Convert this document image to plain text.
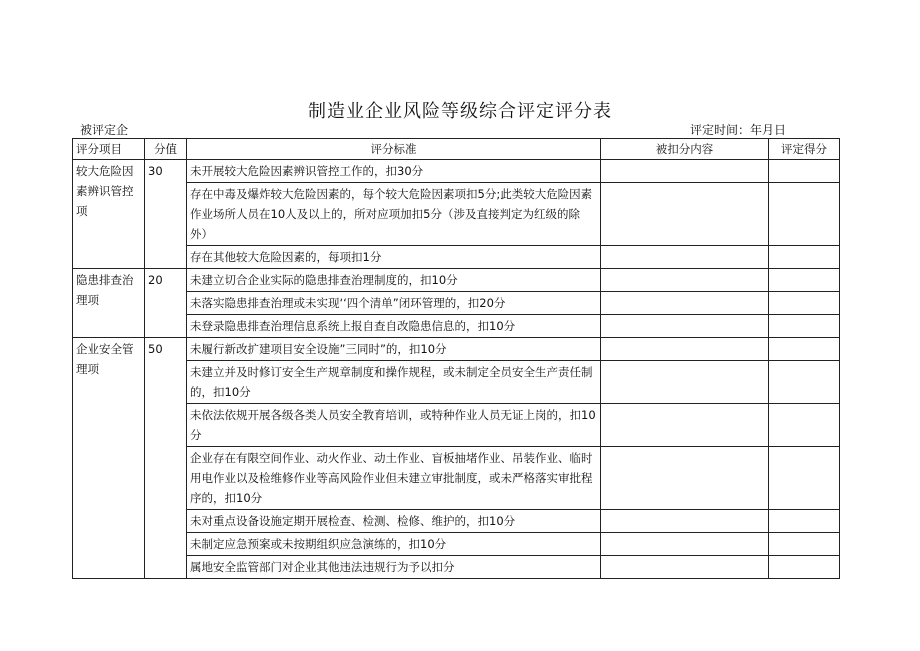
制造业企业风险等级综合评定评分表
被评定企	评定时间：年月日
评分项目	分值	评分标准	被扣分内容	评定得分
较大危险因素辨识管控项	30	未开展较大危险因素辨识管控工作的，扣30分		
		存在中毒及爆炸较大危险因素的，每个较大危险因素项扣5分;此类较大危险因素作业场所人员在10人及以上的，所对应项加扣5分（涉及直接判定为红级的除外）		
		存在其他较大危险因素的，每项扣1分		
隐患排查治理项	20	未建立切合企业实际的隐患排查治理制度的，扣10分		
		未落实隐患排查治理或未实现‘‘四个清单”闭环管理的，扣20分		
		未登录隐患排查治理信息系统上报自查自改隐患信息的，扣10分		
企业安全管理项	50	未履行新改扩建项目安全设施”三同时”的，扣10分		
		未建立并及时修订安全生产规章制度和操作规程，或未制定全员安全生产责任制的，扣10分		
		未依法依规开展各级各类人员安全教育培训，或特种作业人员无证上岗的，扣10分		
		企业存在有限空间作业、动火作业、动土作业、盲板抽堵作业、吊装作业、临时用电作业以及检维修作业等高风险作业但未建立审批制度，或未严格落实审批程序的，扣10分		
		未对重点设备设施定期开展检查、检测、检修、维护的，扣10分		
		未制定应急预案或未按期组织应急演练的，扣10分		
		属地安全监管部门对企业其他违法违规行为予以扣分		
